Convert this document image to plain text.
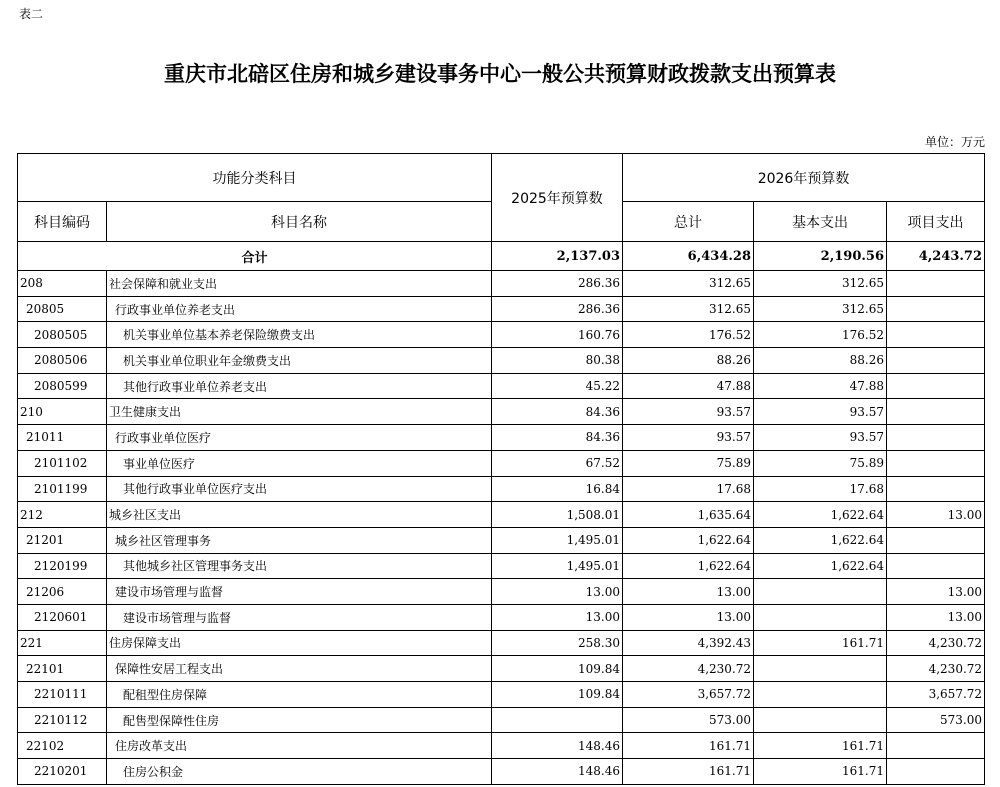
表二
重庆市北碚区住房和城乡建设事务中心一般公共预算财政拨款支出预算表
单位：万元
功能分类科目		2025年预算数	2026年预算数		
科目编码	科目名称		总计	基本支出	项目支出
合计		2,137.03	6,434.28	2,190.56	4,243.72
208	社会保障和就业支出	286.36	312.65	312.65	
20805	行政事业单位养老支出	286.36	312.65	312.65	
2080505	机关事业单位基本养老保险缴费支出	160.76	176.52	176.52	
2080506	机关事业单位职业年金缴费支出	80.38	88.26	88.26	
2080599	其他行政事业单位养老支出	45.22	47.88	47.88	
210	卫生健康支出	84.36	93.57	93.57	
21011	行政事业单位医疗	84.36	93.57	93.57	
2101102	事业单位医疗	67.52	75.89	75.89	
2101199	其他行政事业单位医疗支出	16.84	17.68	17.68	
212	城乡社区支出	1,508.01	1,635.64	1,622.64	13.00
21201	城乡社区管理事务	1,495.01	1,622.64	1,622.64	
2120199	其他城乡社区管理事务支出	1,495.01	1,622.64	1,622.64	
21206	建设市场管理与监督	13.00	13.00		13.00
2120601	建设市场管理与监督	13.00	13.00		13.00
221	住房保障支出	258.30	4,392.43	161.71	4,230.72
22101	保障性安居工程支出	109.84	4,230.72		4,230.72
2210111	配租型住房保障	109.84	3,657.72		3,657.72
2210112	配售型保障性住房		573.00		573.00
22102	住房改革支出	148.46	161.71	161.71	
2210201	住房公积金	148.46	161.71	161.71	
